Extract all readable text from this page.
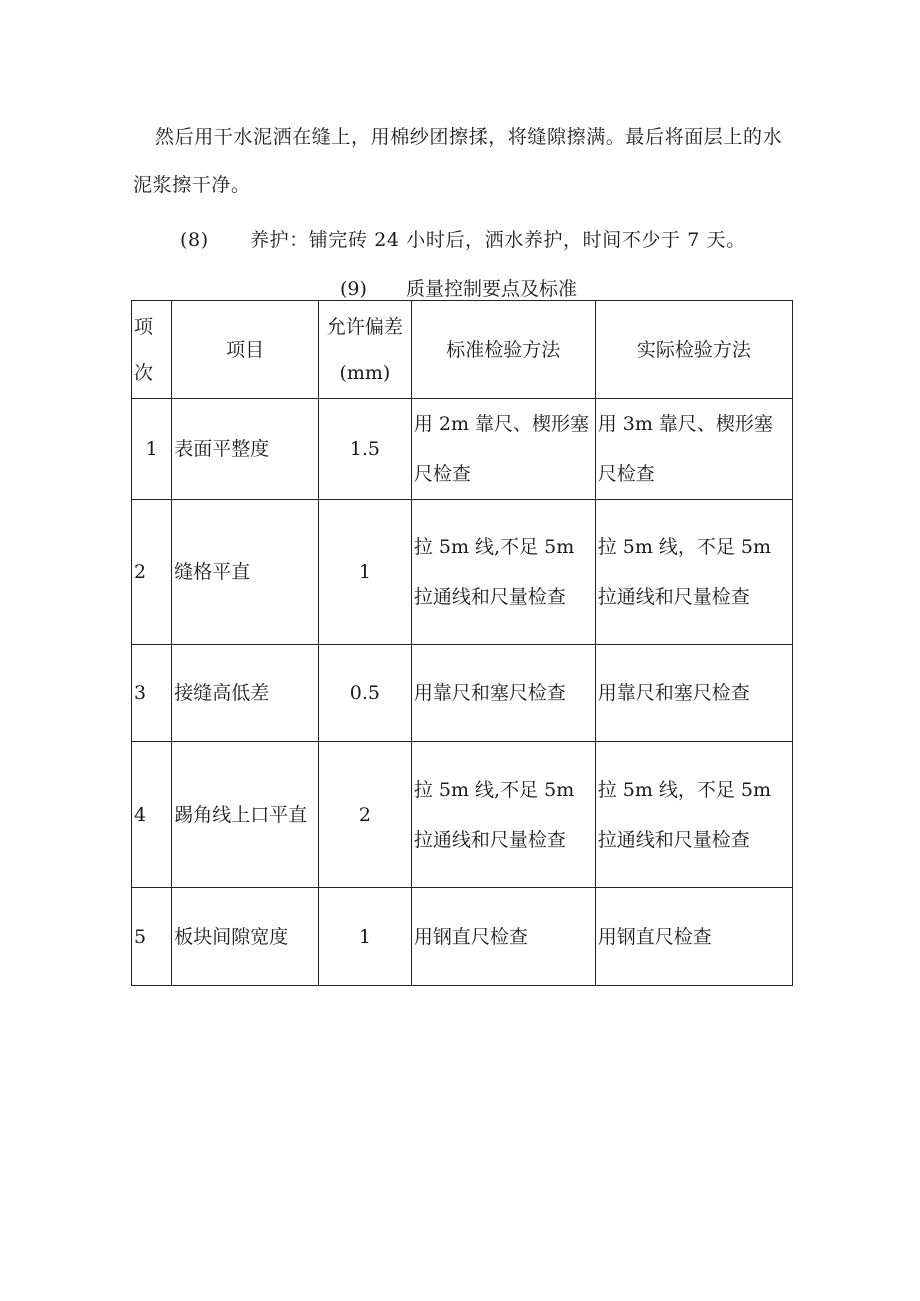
然后用干水泥洒在缝上，用棉纱团擦揉，将缝隙擦满。最后将面层上的水
泥浆擦干净。
(8) 养护：铺完砖 24 小时后，洒水养护，时间不少于 7 天。
(9) 质量控制要点及标准
项次	项目	允许偏差(mm)	标准检验方法	实际检验方法
1	表面平整度	1.5	用 2m 靠尺、楔形塞尺检查	用 3m 靠尺、楔形塞尺检查
2	缝格平直	1	拉 5m 线,不足 5m 拉通线和尺量检查	拉 5m 线，不足 5m 拉通线和尺量检查
3	接缝高低差	0.5	用靠尺和塞尺检查	用靠尺和塞尺检查
4	踢角线上口平直	2	拉 5m 线,不足 5m 拉通线和尺量检查	拉 5m 线，不足 5m 拉通线和尺量检查
5	板块间隙宽度	1	用钢直尺检查	用钢直尺检查
